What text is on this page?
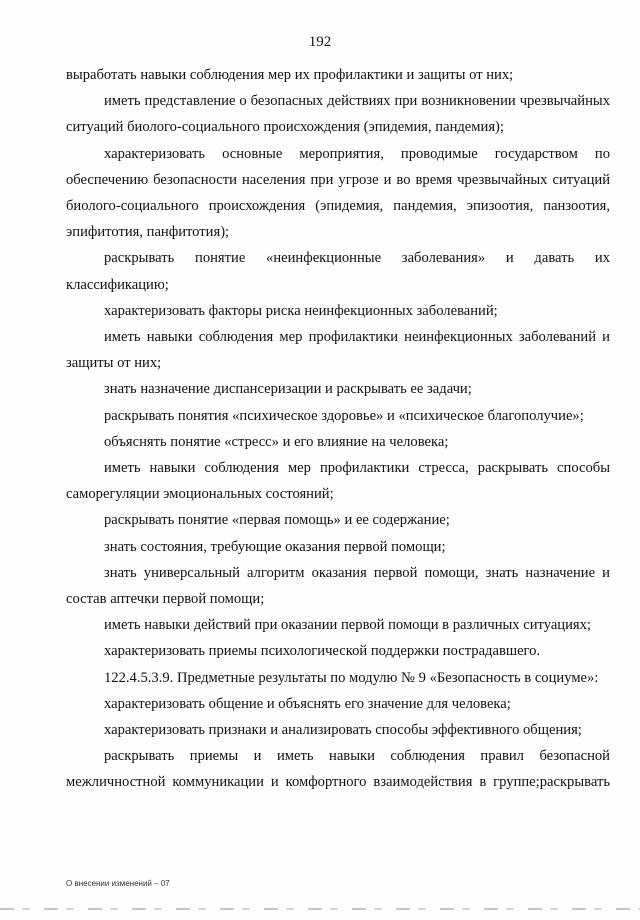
192

выработать навыки соблюдения мер их профилактики и защиты от них;

иметь представление о безопасных действиях при возникновении чрезвычайных ситуаций биолого-социального происхождения (эпидемия, пандемия);

характеризовать основные мероприятия, проводимые государством по обеспечению безопасности населения при угрозе и во время чрезвычайных ситуаций биолого-социального происхождения (эпидемия, пандемия, эпизоотия, панзоотия, эпифитотия, панфитотия);

раскрывать понятие «неинфекционные заболевания» и давать их классификацию;

характеризовать факторы риска неинфекционных заболеваний;

иметь навыки соблюдения мер профилактики неинфекционных заболеваний и защиты от них;

знать назначение диспансеризации и раскрывать ее задачи;

раскрывать понятия «психическое здоровье» и «психическое благополучие»;

объяснять понятие «стресс» и его влияние на человека;

иметь навыки соблюдения мер профилактики стресса, раскрывать способы саморегуляции эмоциональных состояний;

раскрывать понятие «первая помощь» и ее содержание;

знать состояния, требующие оказания первой помощи;

знать универсальный алгоритм оказания первой помощи, знать назначение и состав аптечки первой помощи;

иметь навыки действий при оказании первой помощи в различных ситуациях;

характеризовать приемы психологической поддержки пострадавшего.

122.4.5.3.9. Предметные результаты по модулю № 9 «Безопасность в социуме»:

характеризовать общение и объяснять его значение для человека;

характеризовать признаки и анализировать способы эффективного общения;

раскрывать приемы и иметь навыки соблюдения правил безопасной межличностной коммуникации и комфортного взаимодействия в группе;раскрывать

О внесении изменений – 07
